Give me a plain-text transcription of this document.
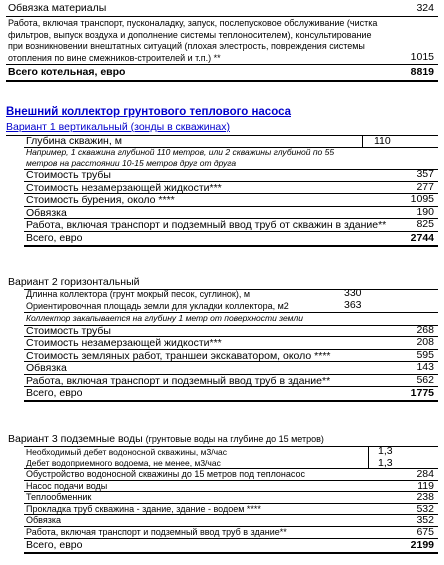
Обвязка материалы	324
Работа, включая транспорт, пусконаладку, запуск, послепусковое обслуживание (чистка фильтров, выпуск воздуха и дополнение системы теплоносителем), консультирование при возникновении внештатных ситуаций (плохая элестрость, повреждения системы отопления по вине смежников-строителей и т.п.) **	1015
Всего котельная, евро	8819
Внешний коллектор грунтового теплового насоса
Вариант 1 вертикальный (зонды в скважинах)
Глубина скважин, м	110
Например, 1 скважина глубиной 110 метров, или 2 скважины глубиной по 55 метров на расстоянии 10-15 метров друг от друга
Стоимость трубы	357
Стоимость незамерзающей жидкости***	277
Стоимость бурения, около ****	1095
Обвязка	190
Работа, включая транспорт и подземный ввод труб от скважин в здание**	825
Всего, евро	2744
Вариант 2 горизонтальный
Длинна коллектора (грунт мокрый песок, суглинок), м	330
Ориентировочная площадь земли для укладки коллектора, м2	363
Коллектор закапывается на глубину 1 метр от поверхности земли
Стоимость трубы	268
Стоимость незамерзающей жидкости***	208
Стоимость земляных работ, траншеи экскаватором, около ****	595
Обвязка	143
Работа, включая транспорт и подземный ввод труб в здание**	562
Всего, евро	1775
Вариант 3 подземные воды (грунтовые воды на глубине до 15 метров)
Необходимый дебет водоносной скважины, м3/час	1,3
Дебет водоприемного водоема, не менее, м3/час	1,3
Обустройство водоносной скважины до 15 метров под теплонасос	284
Насос подачи воды	119
Теплообменник	238
Прокладка труб скважина - здание, здание - водоем ****	532
Обвязка	352
Работа, включая транспорт и подземный ввод труб в здание**	675
Всего, евро	2199
